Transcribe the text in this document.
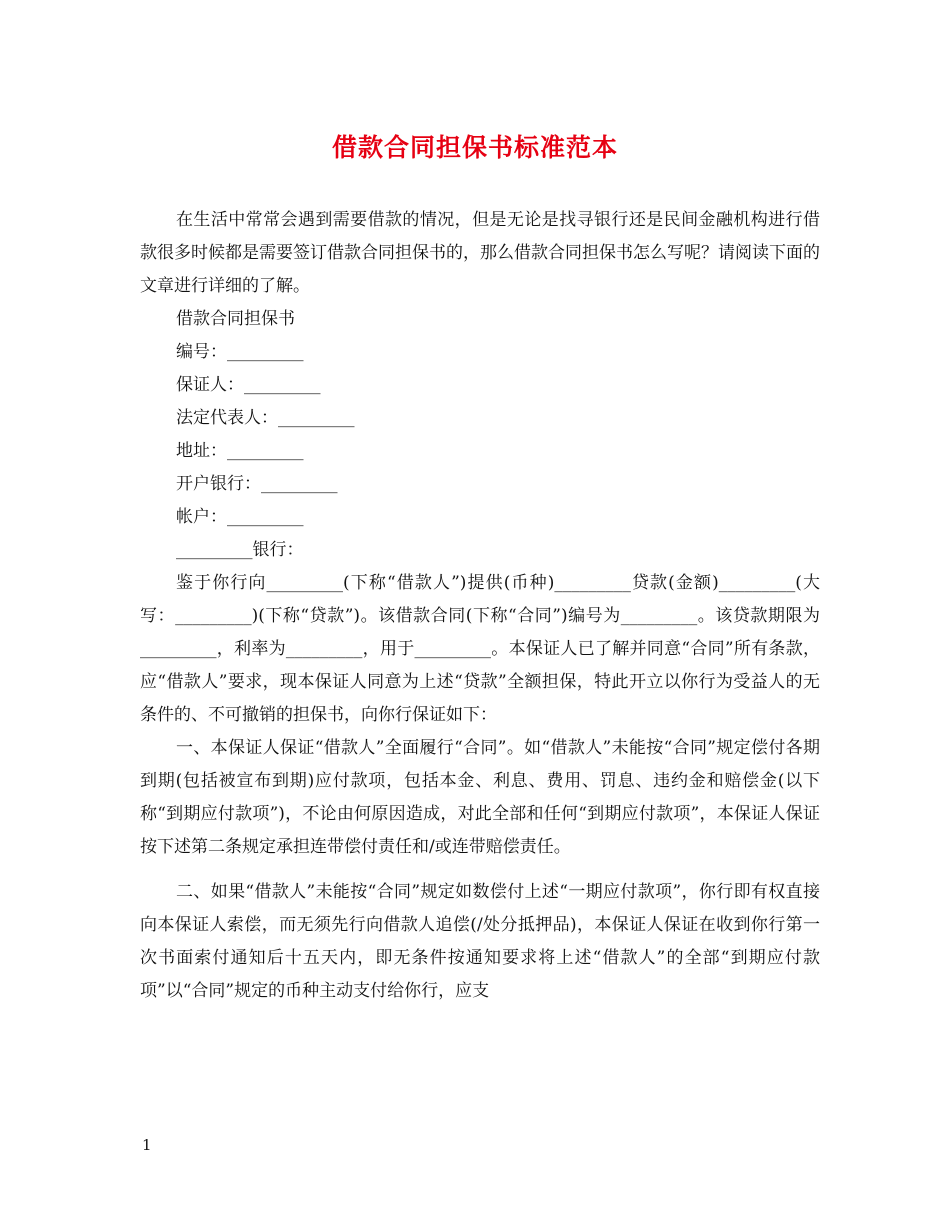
借款合同担保书标准范本

在生活中常常会遇到需要借款的情况，但是无论是找寻银行还是民间金融机构进行借款很多时候都是需要签订借款合同担保书的，那么借款合同担保书怎么写呢？请阅读下面的文章进行详细的了解。

借款合同担保书

编号：_________

保证人：_________

法定代表人：_________

地址：_________

开户银行：_________

帐户：_________

_________银行：

鉴于你行向_________(下称“借款人”)提供(币种)_________贷款(金额)_________(大写：_________)(下称“贷款”)。该借款合同(下称“合同”)编号为_________。该贷款期限为_________，利率为_________，用于_________。本保证人已了解并同意“合同”所有条款，应“借款人”要求，现本保证人同意为上述“贷款”全额担保，特此开立以你行为受益人的无条件的、不可撤销的担保书，向你行保证如下：

一、本保证人保证“借款人”全面履行“合同”。如“借款人”未能按“合同”规定偿付各期到期(包括被宣布到期)应付款项，包括本金、利息、费用、罚息、违约金和赔偿金(以下称“到期应付款项”)，不论由何原因造成，对此全部和任何“到期应付款项”，本保证人保证按下述第二条规定承担连带偿付责任和/或连带赔偿责任。

二、如果“借款人”未能按“合同”规定如数偿付上述“一期应付款项”，你行即有权直接向本保证人索偿，而无须先行向借款人追偿(/处分抵押品)，本保证人保证在收到你行第一次书面索付通知后十五天内，即无条件按通知要求将上述“借款人”的全部“到期应付款项”以“合同”规定的币种主动支付给你行，应支

1
